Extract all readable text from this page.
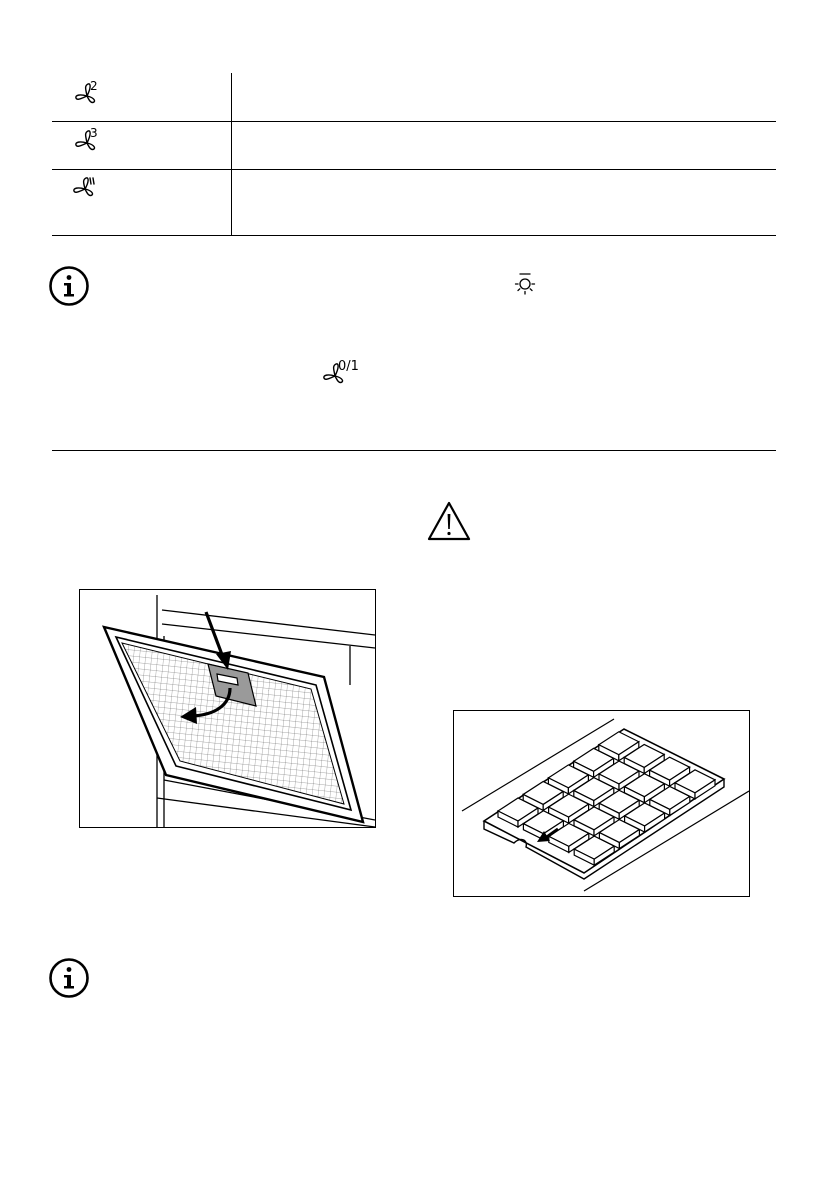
2
3
0/1
